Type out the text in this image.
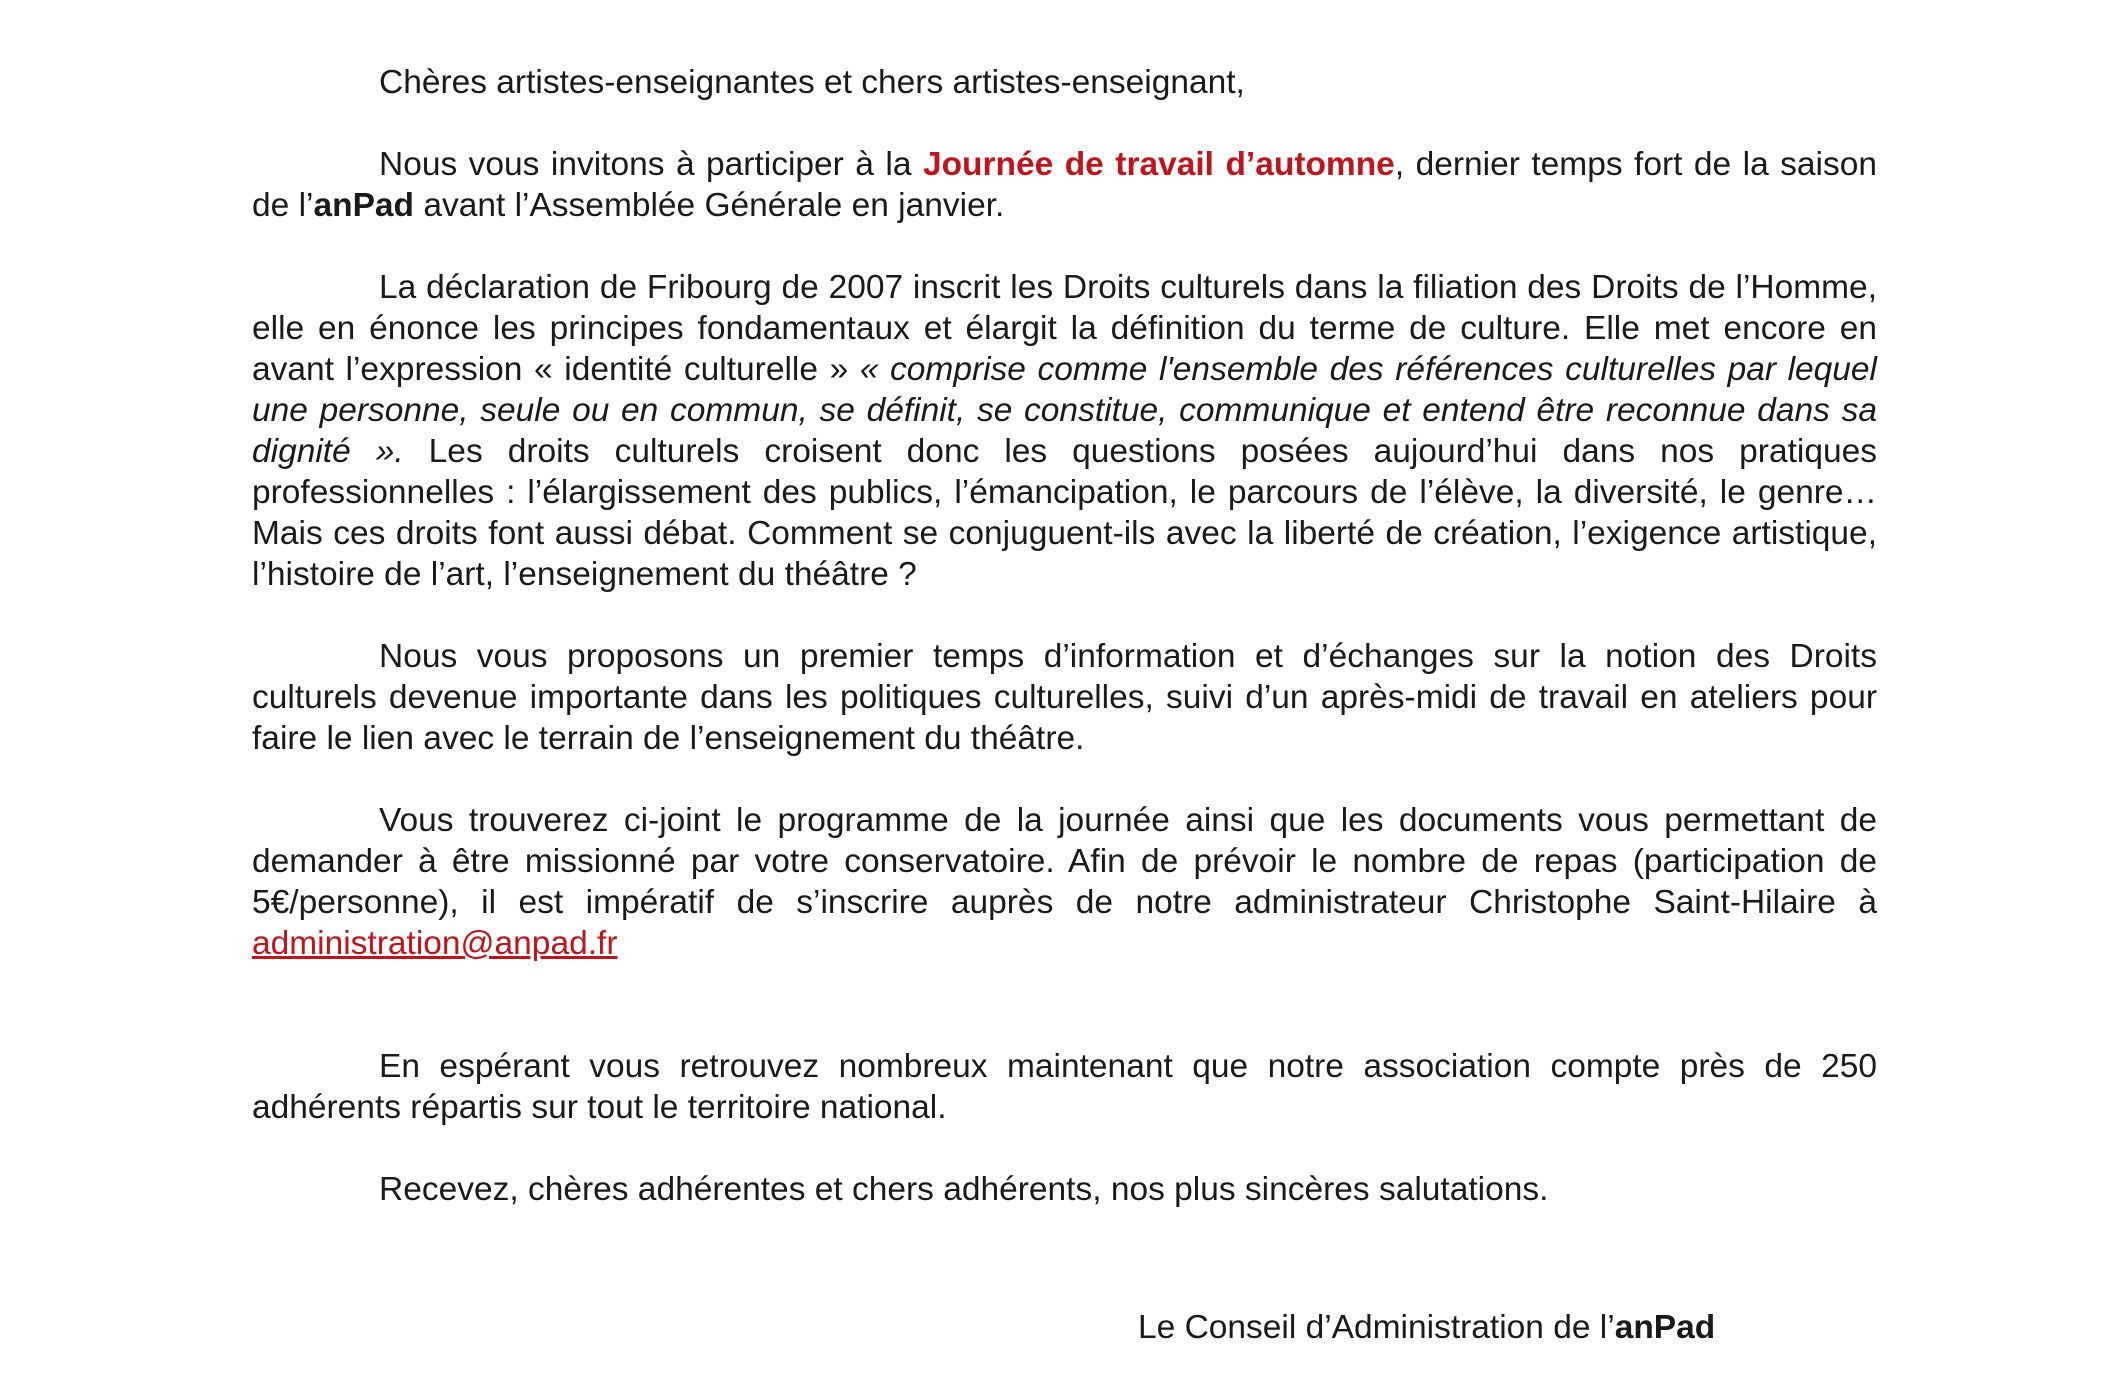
Chères artistes-enseignantes et chers artistes-enseignant,

Nous vous invitons à participer à la Journée de travail d’automne, dernier temps fort de la saison de l’anPad avant l’Assemblée Générale en janvier.

La déclaration de Fribourg de 2007 inscrit les Droits culturels dans la filiation des Droits de l’Homme, elle en énonce les principes fondamentaux et élargit la définition du terme de culture. Elle met encore en avant l’expression « identité culturelle » « comprise comme l'ensemble des références culturelles par lequel une personne, seule ou en commun, se définit, se constitue, communique et entend être reconnue dans sa dignité ». Les droits culturels croisent donc les questions posées aujourd’hui dans nos pratiques professionnelles : l’élargissement des publics, l’émancipation, le parcours de l’élève, la diversité, le genre… Mais ces droits font aussi débat. Comment se conjuguent-ils avec la liberté de création, l’exigence artistique, l’histoire de l’art, l’enseignement du théâtre ?

Nous vous proposons un premier temps d’information et d’échanges sur la notion des Droits culturels devenue importante dans les politiques culturelles, suivi d’un après-midi de travail en ateliers pour faire le lien avec le terrain de l’enseignement du théâtre.

Vous trouverez ci-joint le programme de la journée ainsi que les documents vous permettant de demander à être missionné par votre conservatoire. Afin de prévoir le nombre de repas (participation de 5€/personne), il est impératif de s’inscrire auprès de notre administrateur Christophe Saint-Hilaire à administration@anpad.fr

En espérant vous retrouvez nombreux maintenant que notre association compte près de 250 adhérents répartis sur tout le territoire national.

Recevez, chères adhérentes et chers adhérents, nos plus sincères salutations.

Le Conseil d’Administration de l’anPad
